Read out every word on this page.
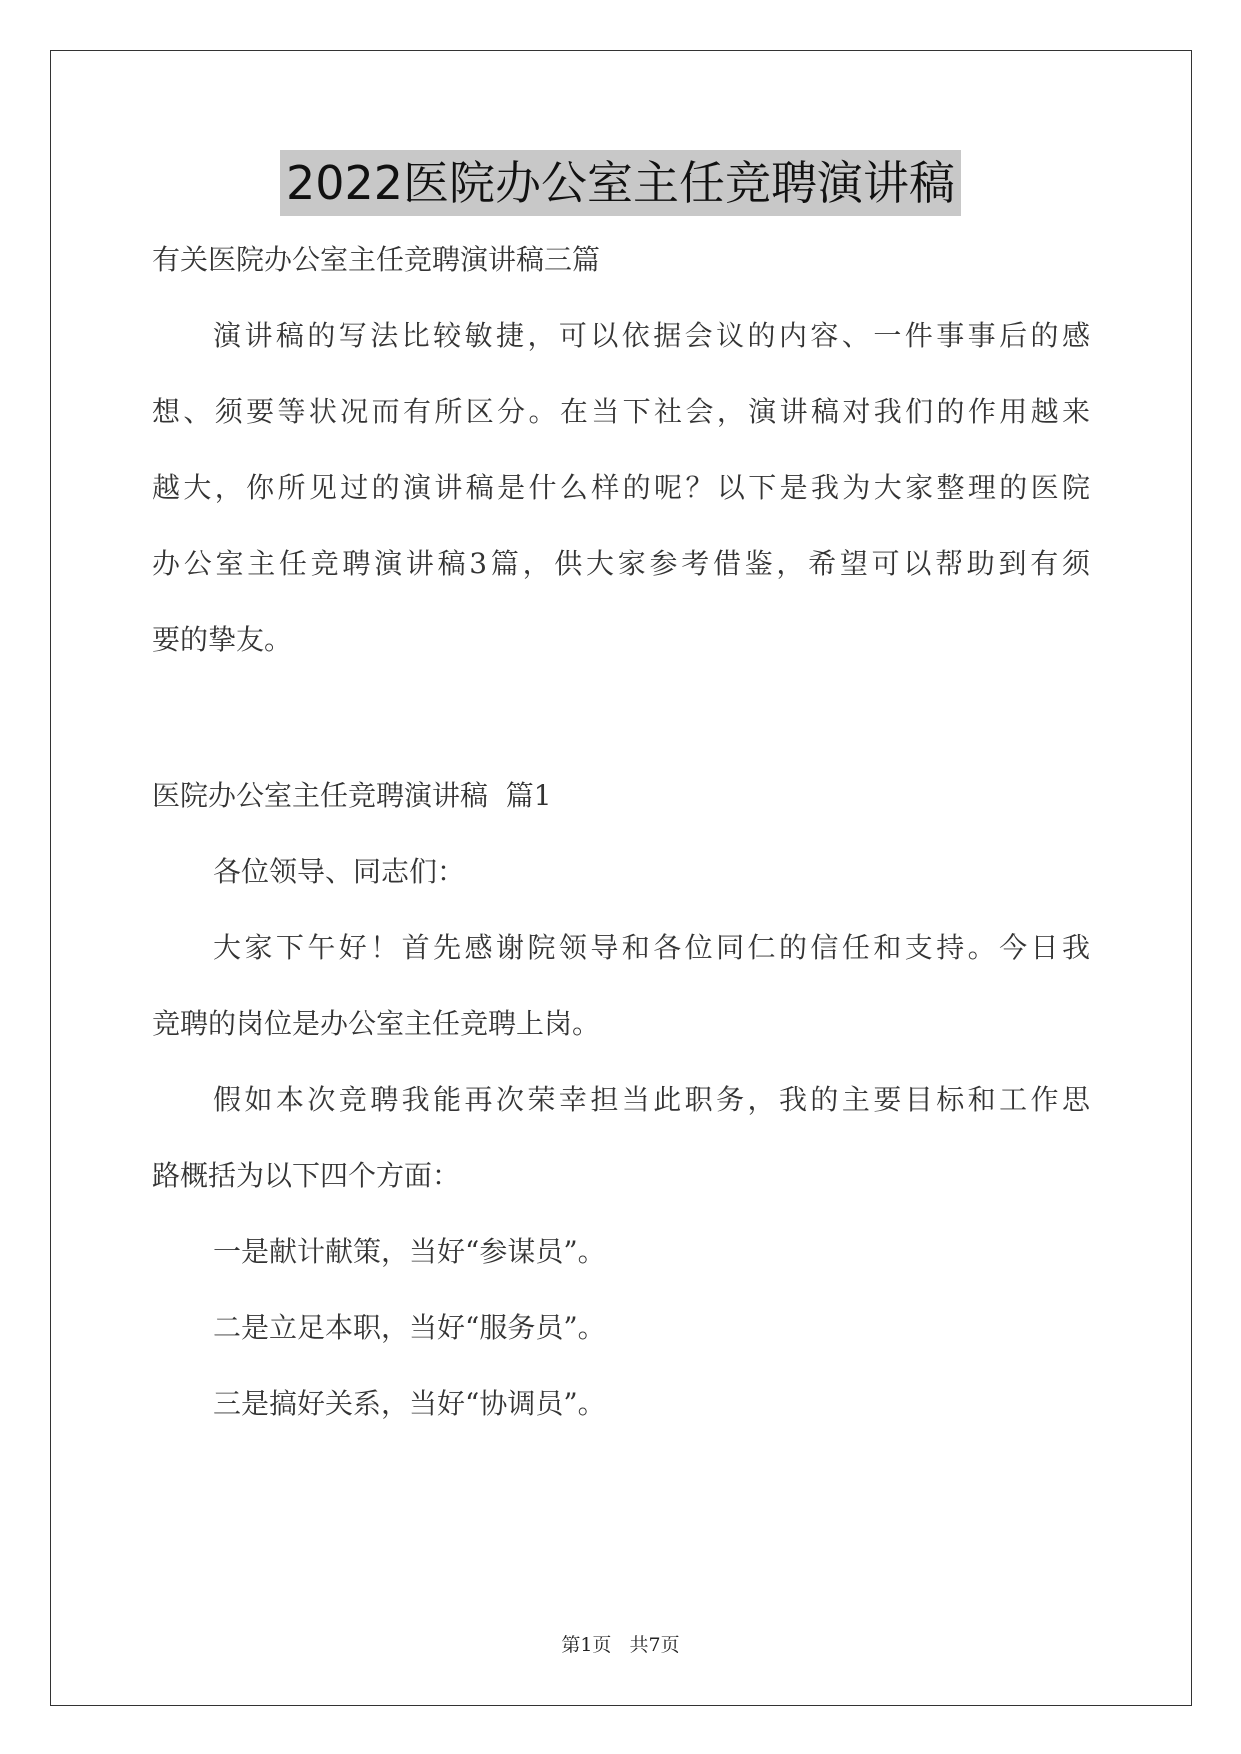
2022医院办公室主任竞聘演讲稿
有关医院办公室主任竞聘演讲稿三篇
演讲稿的写法比较敏捷，可以依据会议的内容、一件事事后的感
想、须要等状况而有所区分。在当下社会，演讲稿对我们的作用越来
越大，你所见过的演讲稿是什么样的呢？以下是我为大家整理的医院
办公室主任竞聘演讲稿3篇，供大家参考借鉴，希望可以帮助到有须
要的挚友。
医院办公室主任竞聘演讲稿  篇1
各位领导、同志们：
大家下午好！首先感谢院领导和各位同仁的信任和支持。今日我
竞聘的岗位是办公室主任竞聘上岗。
假如本次竞聘我能再次荣幸担当此职务，我的主要目标和工作思
路概括为以下四个方面：
一是献计献策，当好“参谋员”。
二是立足本职，当好“服务员”。
三是搞好关系，当好“协调员”。
第1页   共7页
